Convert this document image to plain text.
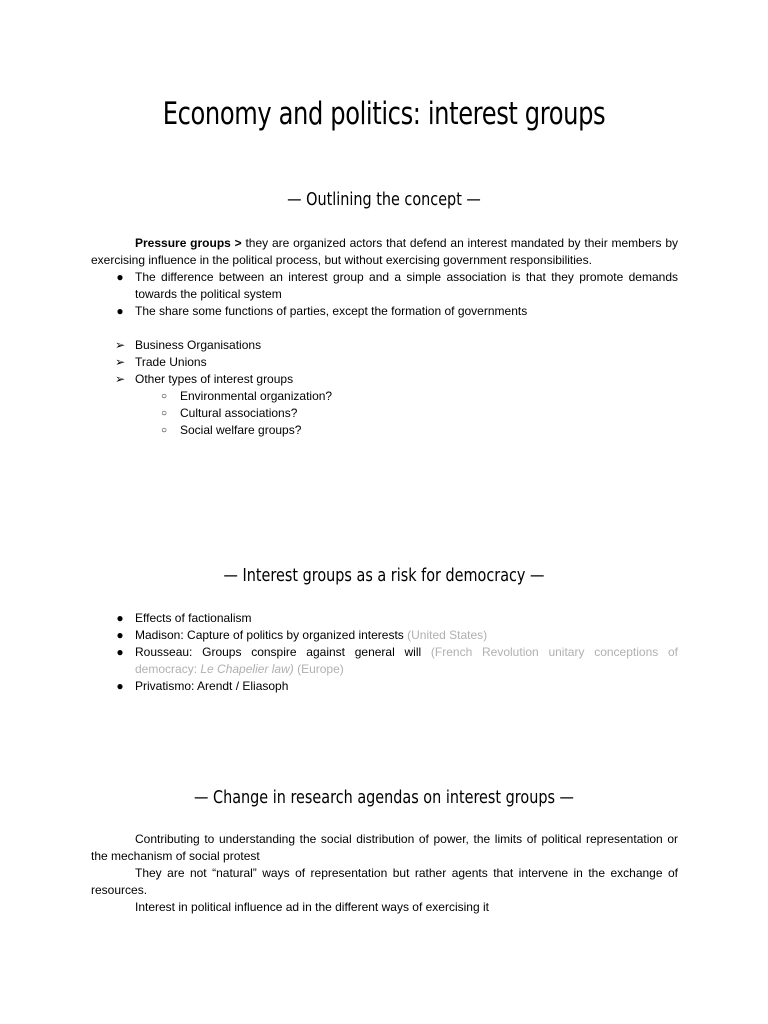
Economy and politics: interest groups
— Outlining the concept —

Pressure groups > they are organized actors that defend an interest mandated by their members by exercising influence in the political process, but without exercising government responsibilities.

● The difference between an interest group and a simple association is that they promote demands towards the political system
● The share some functions of parties, except the formation of governments
➢ Business Organisations
➢ Trade Unions
➢ Other types of interest groups
○	Environmental organization?
○	Cultural associations?
○	Social welfare groups?
— Interest groups as a risk for democracy —
● Effects of factionalism
● Madison: Capture of politics by organized interests (United States)
● Rousseau: Groups conspire against general will (French Revolution unitary conceptions of democracy: Le Chapelier law) (Europe)
● Privatismo: Arendt / Eliasoph
— Change in research agendas on interest groups —

Contributing to understanding the social distribution of power, the limits of political representation or the mechanism of social protest

They are not “natural” ways of representation but rather agents that intervene in the exchange of resources.

Interest in political influence ad in the different ways of exercising it
